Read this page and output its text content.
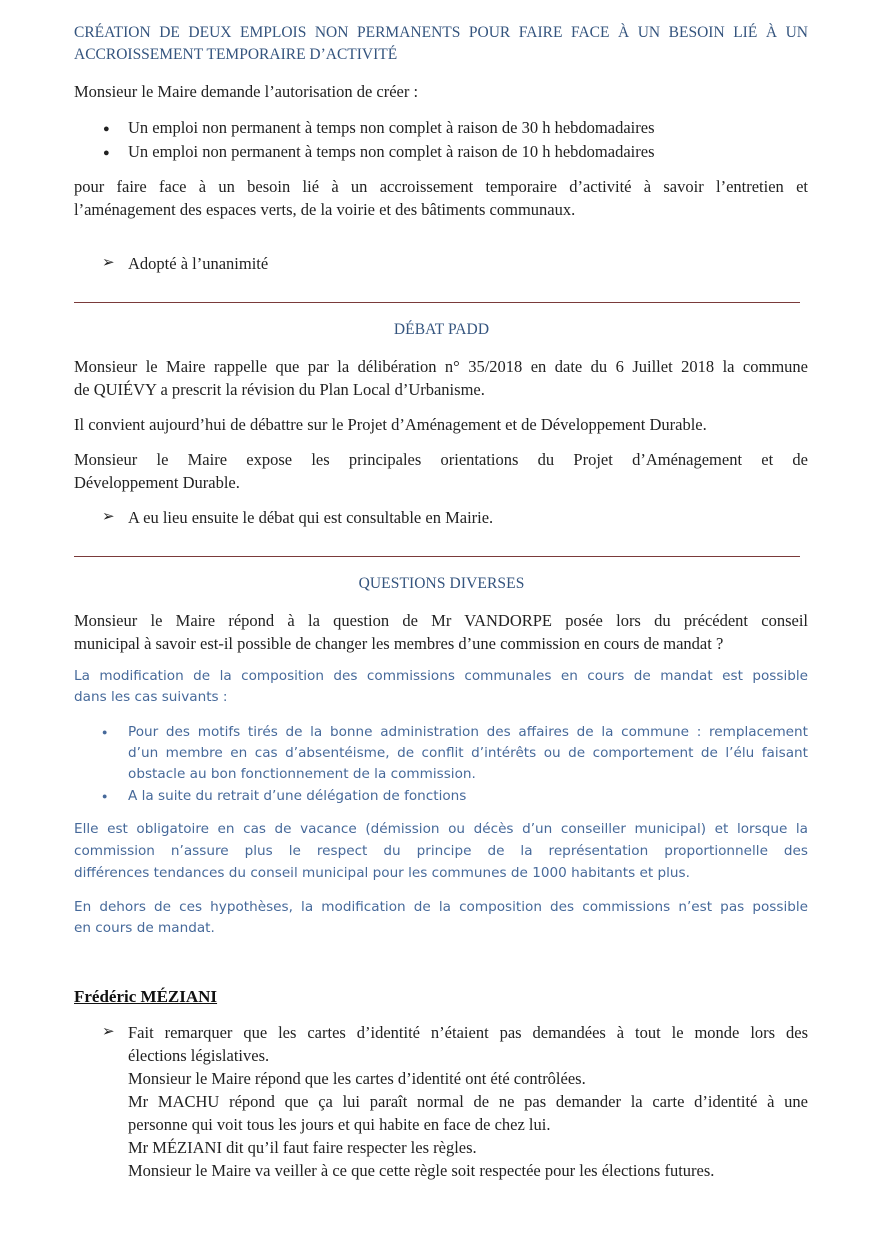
CRÉATION DE DEUX EMPLOIS NON PERMANENTS POUR FAIRE FACE À UN BESOIN LIÉ À UN
ACCROISSEMENT TEMPORAIRE D’ACTIVITÉ
Monsieur le Maire demande l’autorisation de créer :
● Un emploi non permanent à temps non complet à raison de 30 h hebdomadaires
● Un emploi non permanent à temps non complet à raison de 10 h hebdomadaires
pour faire face à un besoin lié à un accroissement temporaire d’activité à savoir l’entretien et
l’aménagement des espaces verts, de la voirie et des bâtiments communaux.
➢ Adopté à l’unanimité
DÉBAT PADD
Monsieur le Maire rappelle que par la délibération n° 35/2018 en date du 6 Juillet 2018 la commune
de QUIÉVY a prescrit la révision du Plan Local d’Urbanisme.
Il convient aujourd’hui de débattre sur le Projet d’Aménagement et de Développement Durable.
Monsieur le Maire expose les principales orientations du Projet d’Aménagement et de
Développement Durable.
➢ A eu lieu ensuite le débat qui est consultable en Mairie.
QUESTIONS DIVERSES
Monsieur le Maire répond à la question de Mr VANDORPE posée lors du précédent conseil
municipal à savoir est-il possible de changer les membres d’une commission en cours de mandat ?
La modification de la composition des commissions communales en cours de mandat est possible
dans les cas suivants :
● Pour des motifs tirés de la bonne administration des affaires de la commune : remplacement
d’un membre en cas d’absentéisme, de conflit d’intérêts ou de comportement de l’élu faisant
obstacle au bon fonctionnement de la commission.
● A la suite du retrait d’une délégation de fonctions
Elle est obligatoire en cas de vacance (démission ou décès d’un conseiller municipal) et lorsque la
commission n’assure plus le respect du principe de la représentation proportionnelle des
différences tendances du conseil municipal pour les communes de 1000 habitants et plus.
En dehors de ces hypothèses, la modification de la composition des commissions n’est pas possible
en cours de mandat.
Frédéric MÉZIANI
➢ Fait remarquer que les cartes d’identité n’étaient pas demandées à tout le monde lors des
élections législatives.
Monsieur le Maire répond que les cartes d’identité ont été contrôlées.
Mr MACHU répond que ça lui paraît normal de ne pas demander la carte d’identité à une
personne qui voit tous les jours et qui habite en face de chez lui.
Mr MÉZIANI dit qu’il faut faire respecter les règles.
Monsieur le Maire va veiller à ce que cette règle soit respectée pour les élections futures.
